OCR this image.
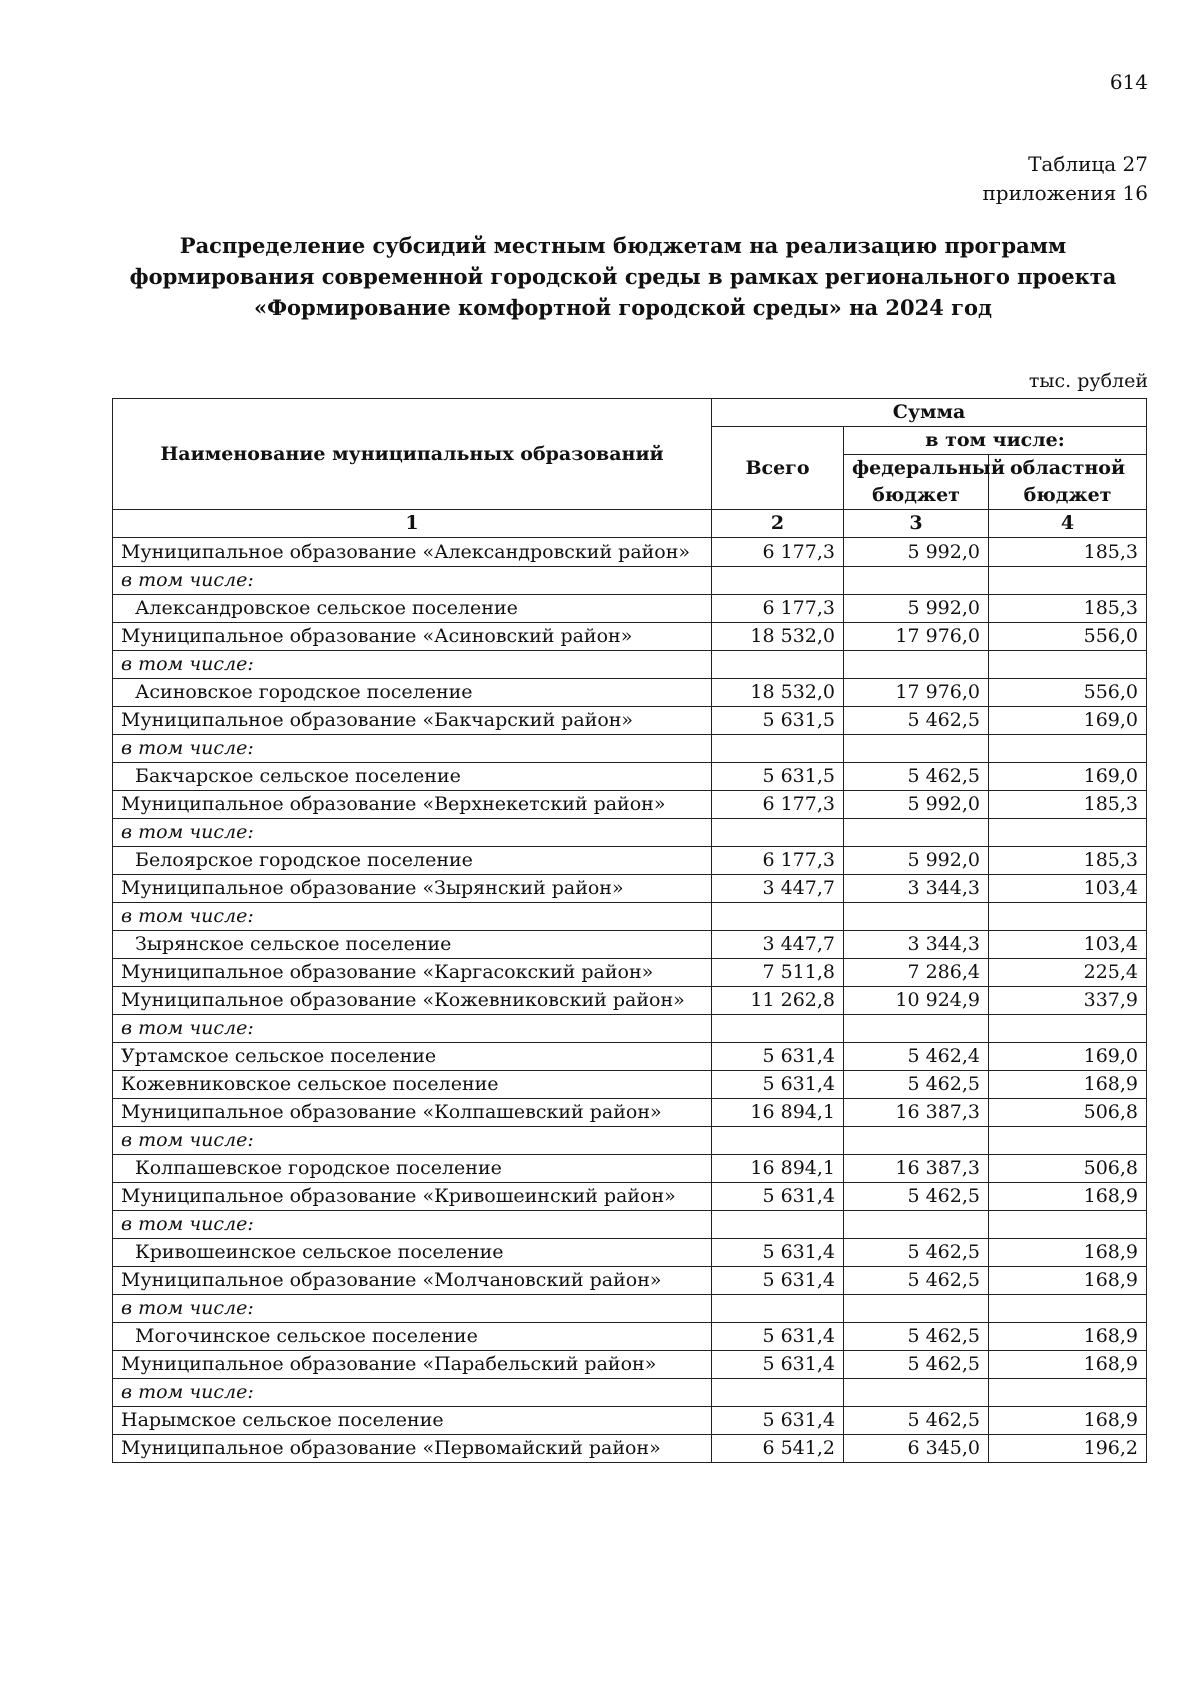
614
Таблица 27
приложения 16
Распределение субсидий местным бюджетам на реализацию программ формирования современной городской среды в рамках регионального проекта «Формирование комфортной городской среды» на 2024 год
тыс. рублей
Наименование муниципальных образований	Сумма		
	Всего	в том числе:	
		федеральный бюджет	областной бюджет
1	2	3	4
Муниципальное образование «Александровский район»	6 177,3	5 992,0	185,3
в том числе:			
Александровское сельское поселение	6 177,3	5 992,0	185,3
Муниципальное образование «Асиновский район»	18 532,0	17 976,0	556,0
в том числе:			
Асиновское городское поселение	18 532,0	17 976,0	556,0
Муниципальное образование «Бакчарский район»	5 631,5	5 462,5	169,0
в том числе:			
Бакчарское сельское поселение	5 631,5	5 462,5	169,0
Муниципальное образование «Верхнекетский район»	6 177,3	5 992,0	185,3
в том числе:			
Белоярское городское поселение	6 177,3	5 992,0	185,3
Муниципальное образование «Зырянский район»	3 447,7	3 344,3	103,4
в том числе:			
Зырянское сельское поселение	3 447,7	3 344,3	103,4
Муниципальное образование «Каргасокский район»	7 511,8	7 286,4	225,4
Муниципальное образование «Кожевниковский район»	11 262,8	10 924,9	337,9
в том числе:			
Уртамское сельское поселение	5 631,4	5 462,4	169,0
Кожевниковское сельское поселение	5 631,4	5 462,5	168,9
Муниципальное образование «Колпашевский район»	16 894,1	16 387,3	506,8
в том числе:			
Колпашевское городское поселение	16 894,1	16 387,3	506,8
Муниципальное образование «Кривошеинский район»	5 631,4	5 462,5	168,9
в том числе:			
Кривошеинское сельское поселение	5 631,4	5 462,5	168,9
Муниципальное образование «Молчановский район»	5 631,4	5 462,5	168,9
в том числе:			
Могочинское сельское поселение	5 631,4	5 462,5	168,9
Муниципальное образование «Парабельский район»	5 631,4	5 462,5	168,9
в том числе:			
Нарымское сельское поселение	5 631,4	5 462,5	168,9
Муниципальное образование «Первомайский район»	6 541,2	6 345,0	196,2
